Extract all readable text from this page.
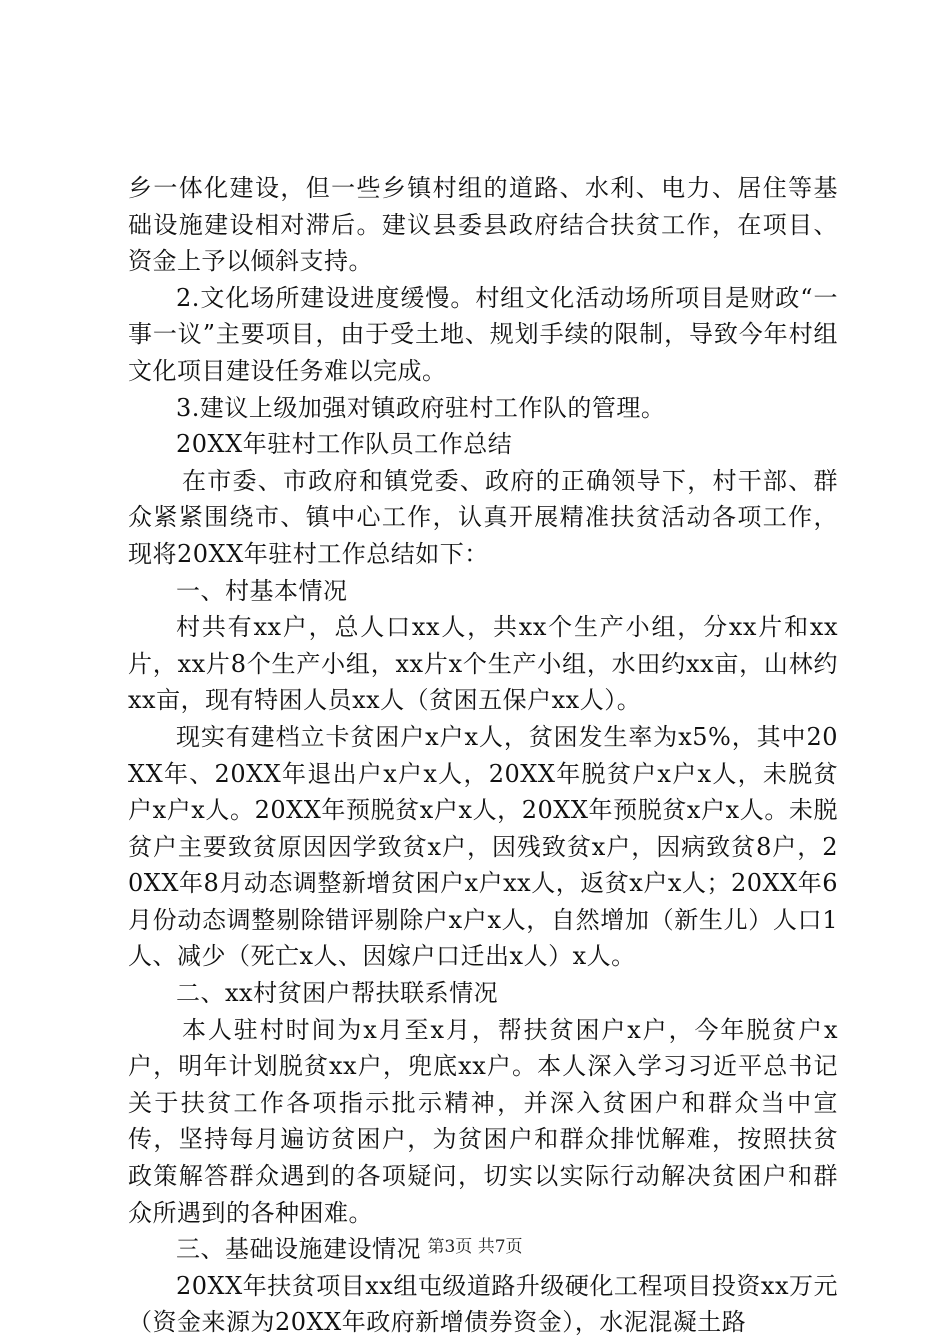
乡一体化建设，但一些乡镇村组的道路、水利、电力、居住等基础设施建设相对滞后。建议县委县政府结合扶贫工作，在项目、资金上予以倾斜支持。

2.文化场所建设进度缓慢。村组文化活动场所项目是财政“一事一议”主要项目，由于受土地、规划手续的限制，导致今年村组文化项目建设任务难以完成。

3.建议上级加强对镇政府驻村工作队的管理。

20XX年驻村工作队员工作总结

在市委、市政府和镇党委、政府的正确领导下，村干部、群众紧紧围绕市、镇中心工作，认真开展精准扶贫活动各项工作，现将20XX年驻村工作总结如下：

一、村基本情况

村共有xx户，总人口xx人，共xx个生产小组，分xx片和xx片，xx片8个生产小组，xx片x个生产小组，水田约xx亩，山林约xx亩，现有特困人员xx人（贫困五保户xx人）。

现实有建档立卡贫困户x户x人，贫困发生率为x5%，其中20XX年、20XX年退出户x户x人，20XX年脱贫户x户x人，未脱贫户x户x人。20XX年预脱贫x户x人，20XX年预脱贫x户x人。未脱贫户主要致贫原因因学致贫x户，因残致贫x户，因病致贫8户，20XX年8月动态调整新增贫困户x户xx人，返贫x户x人；20XX年6月份动态调整剔除错评剔除户x户x人，自然增加（新生儿）人口1人、减少（死亡x人、因嫁户口迁出x人）x人。

二、xx村贫困户帮扶联系情况

本人驻村时间为x月至x月，帮扶贫困户x户，今年脱贫户x户，明年计划脱贫xx户，兜底xx户。本人深入学习习近平总书记关于扶贫工作各项指示批示精神，并深入贫困户和群众当中宣传，坚持每月遍访贫困户，为贫困户和群众排忧解难，按照扶贫政策解答群众遇到的各项疑问，切实以实际行动解决贫困户和群众所遇到的各种困难。

三、基础设施建设情况

20XX年扶贫项目xx组屯级道路升级硬化工程项目投资xx万元（资金来源为20XX年政府新增债券资金），水泥混凝土路

第3页 共7页
